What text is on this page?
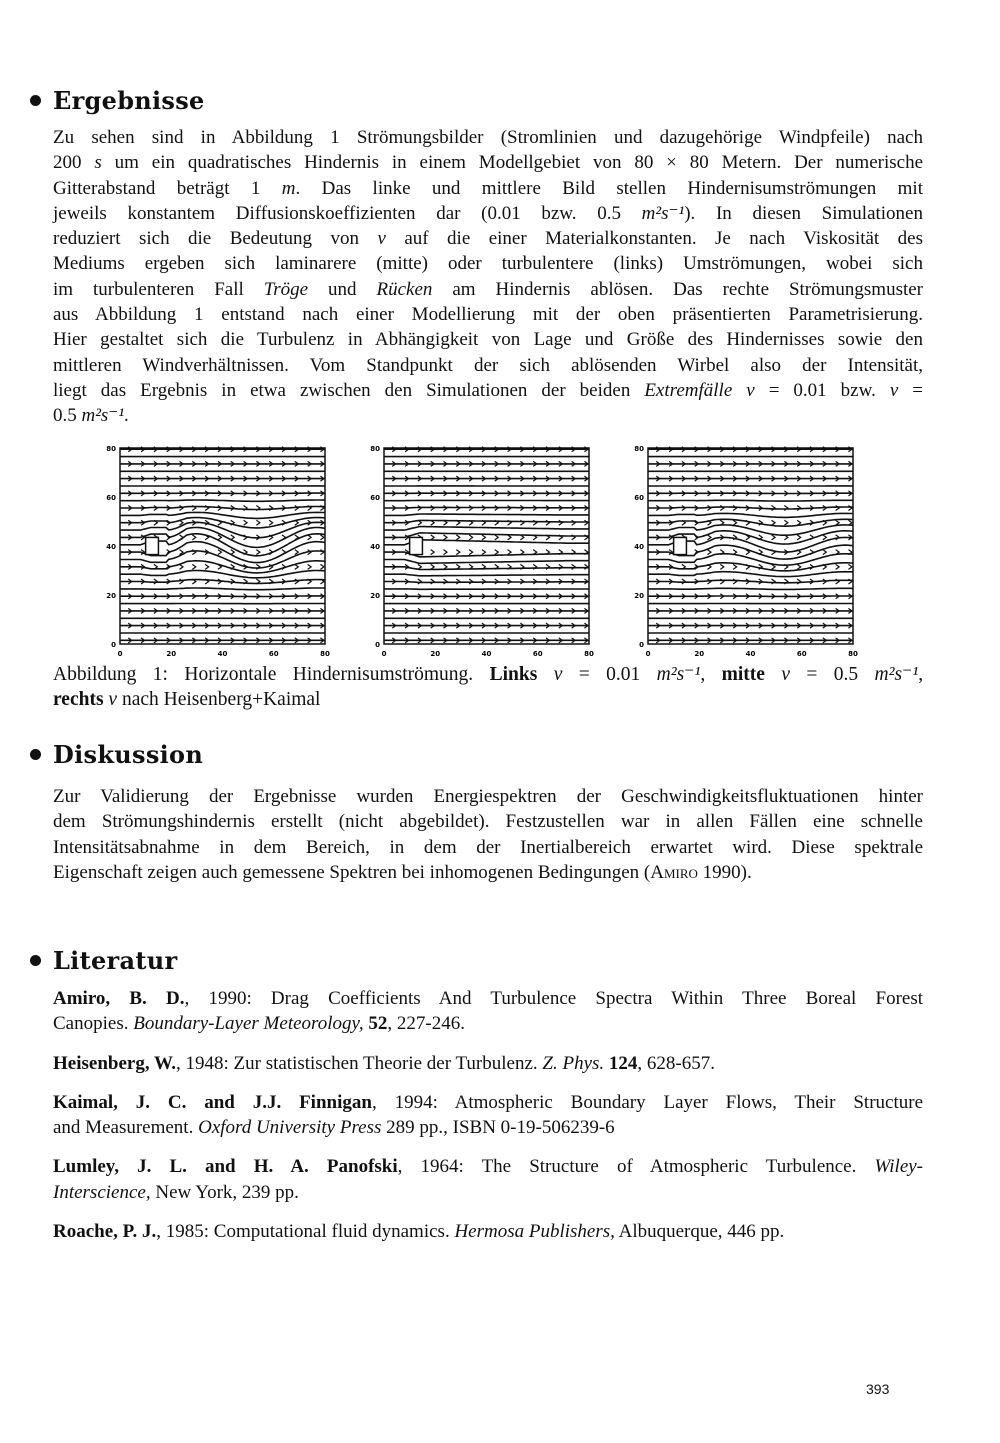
Ergebnisse
Zu sehen sind in Abbildung 1 Strömungsbilder (Stromlinien und dazugehörige Windpfeile) nach
200 s um ein quadratisches Hindernis in einem Modellgebiet von 80 × 80 Metern. Der numerische
Gitterabstand beträgt 1 m. Das linke und mittlere Bild stellen Hindernisumströmungen mit
jeweils konstantem Diffusionskoeffizienten dar (0.01 bzw. 0.5 m²s⁻¹). In diesen Simulationen
reduziert sich die Bedeutung von ν auf die einer Materialkonstanten. Je nach Viskosität des
Mediums ergeben sich laminarere (mitte) oder turbulentere (links) Umströmungen, wobei sich
im turbulenteren Fall Tröge und Rücken am Hindernis ablösen. Das rechte Strömungsmuster
aus Abbildung 1 entstand nach einer Modellierung mit der oben präsentierten Parametrisierung.
Hier gestaltet sich die Turbulenz in Abhängigkeit von Lage und Größe des Hindernisses sowie den
mittleren Windverhältnissen. Vom Standpunkt der sich ablösenden Wirbel also der Intensität,
liegt das Ergebnis in etwa zwischen den Simulationen der beiden Extremfälle ν = 0.01 bzw. ν =
0.5 m²s⁻¹.
0	20	40	60	80
0
20
40
60
80
0	20	40	60	80
0
20
40
60
80
0	20	40	60	80
0
20
40
60
80
Abbildung 1: Horizontale Hindernisumströmung. Links ν = 0.01 m²s⁻¹, mitte ν = 0.5 m²s⁻¹,
rechts ν nach Heisenberg+Kaimal
Diskussion
Zur Validierung der Ergebnisse wurden Energiespektren der Geschwindigkeitsfluktuationen hinter
dem Strömungshindernis erstellt (nicht abgebildet). Festzustellen war in allen Fällen eine schnelle
Intensitätsabnahme in dem Bereich, in dem der Inertialbereich erwartet wird. Diese spektrale
Eigenschaft zeigen auch gemessene Spektren bei inhomogenen Bedingungen (Amiro 1990).
Literatur
Amiro, B. D., 1990: Drag Coefficients And Turbulence Spectra Within Three Boreal Forest
Canopies. Boundary-Layer Meteorology, 52, 227-246.
Heisenberg, W., 1948: Zur statistischen Theorie der Turbulenz. Z. Phys. 124, 628-657.
Kaimal, J. C. and J.J. Finnigan, 1994: Atmospheric Boundary Layer Flows, Their Structure
and Measurement. Oxford University Press 289 pp., ISBN 0-19-506239-6
Lumley, J. L. and H. A. Panofski, 1964: The Structure of Atmospheric Turbulence. Wiley-
Interscience, New York, 239 pp.
Roache, P. J., 1985: Computational fluid dynamics. Hermosa Publishers, Albuquerque, 446 pp.
393
